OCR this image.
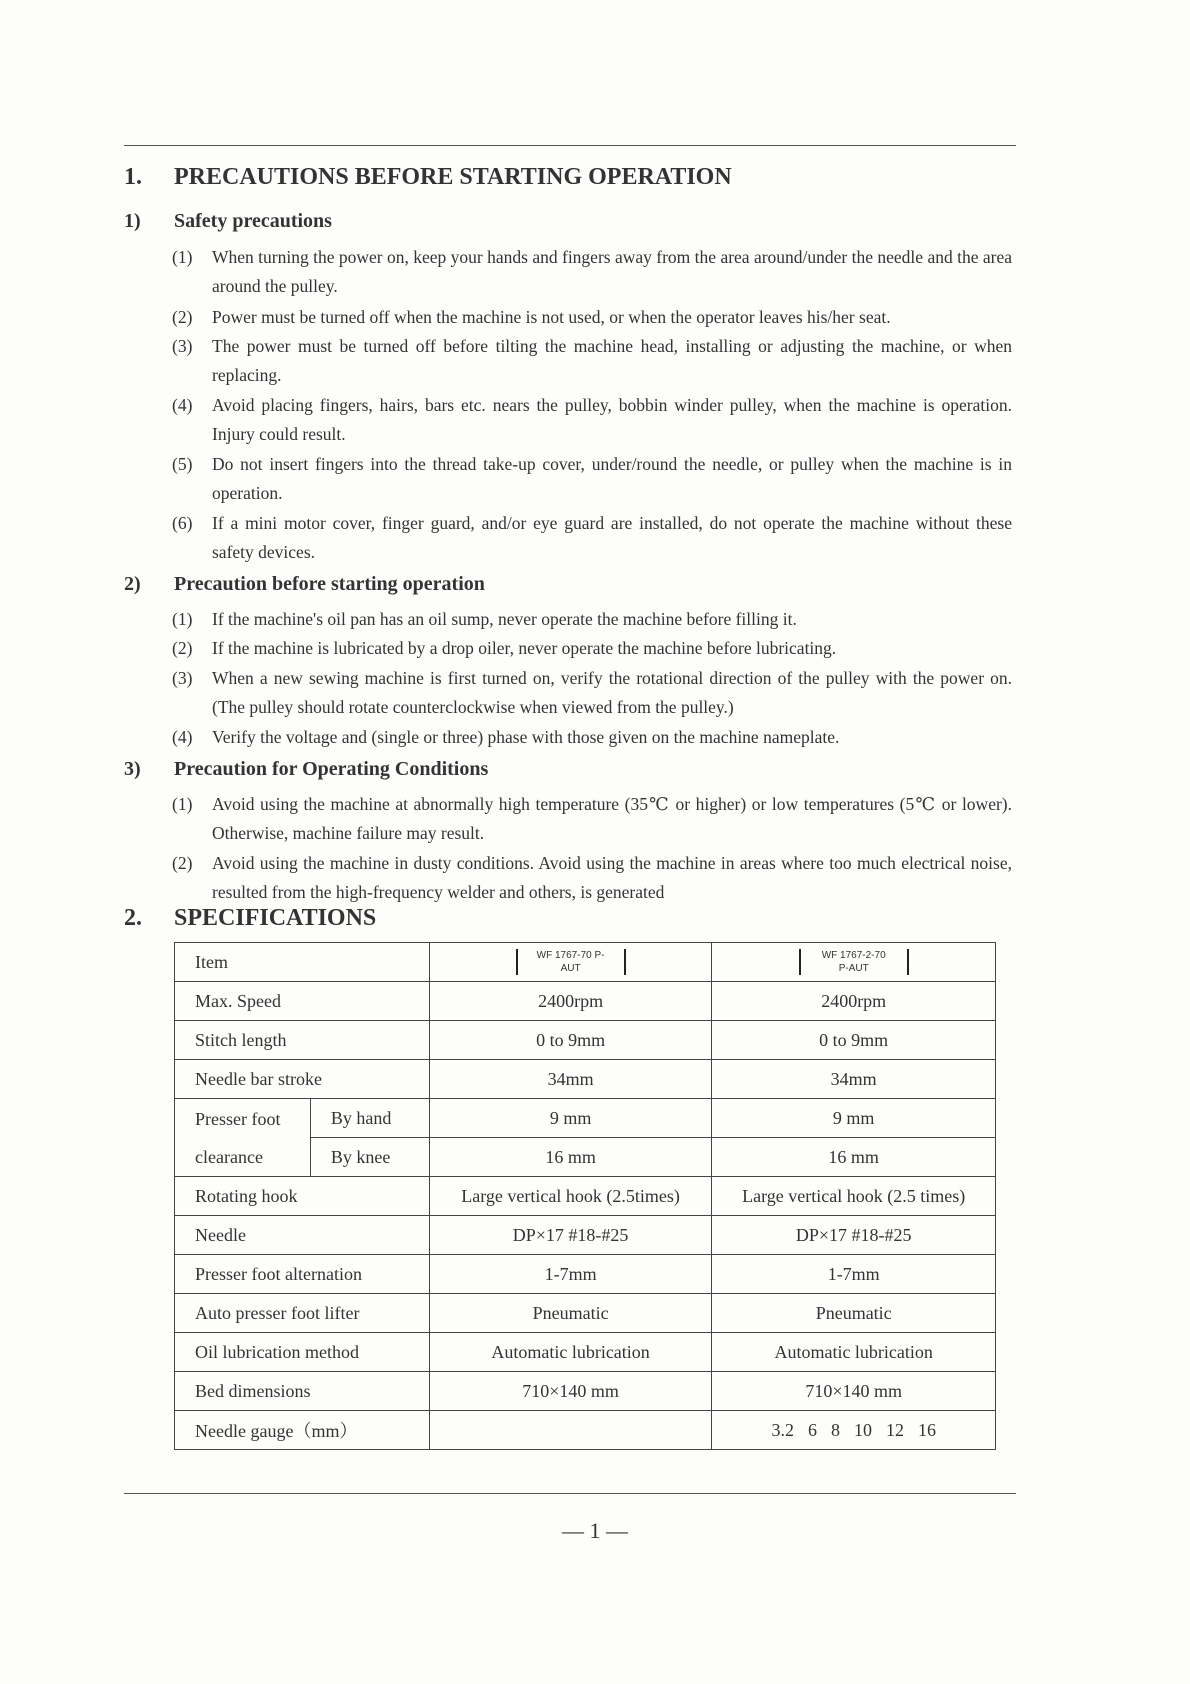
1. PRECAUTIONS BEFORE STARTING OPERATION
1) Safety precautions
(1) When turning the power on, keep your hands and fingers away from the area around/under the needle and the area around the pulley.
(2) Power must be turned off when the machine is not used, or when the operator leaves his/her seat.
(3) The power must be turned off before tilting the machine head, installing or adjusting the machine, or when replacing.
(4) Avoid placing fingers, hairs, bars etc. nears the pulley, bobbin winder pulley, when the machine is operation. Injury could result.
(5) Do not insert fingers into the thread take-up cover, under/round the needle, or pulley when the machine is in operation.
(6) If a mini motor cover, finger guard, and/or eye guard are installed, do not operate the machine without these safety devices.
2) Precaution before starting operation
(1) If the machine's oil pan has an oil sump, never operate the machine before filling it.
(2) If the machine is lubricated by a drop oiler, never operate the machine before lubricating.
(3) When a new sewing machine is first turned on, verify the rotational direction of the pulley with the power on. (The pulley should rotate counterclockwise when viewed from the pulley.)
(4) Verify the voltage and (single or three) phase with those given on the machine nameplate.
3) Precaution for Operating Conditions
(1) Avoid using the machine at abnormally high temperature (35℃ or higher) or low temperatures (5℃ or lower). Otherwise, machine failure may result.
(2) Avoid using the machine in dusty conditions. Avoid using the machine in areas where too much electrical noise, resulted from the high-frequency welder and others, is generated
2. SPECIFICATIONS
Item		WF 1767-70 P-AUT	WF 1767-2-70 P-AUT
Max. Speed		2400rpm	2400rpm
Stitch length		0 to 9mm	0 to 9mm
Needle bar stroke		34mm	34mm

Presser foot
clearance	By hand	9 mm	9 mm
	By knee	16 mm	16 mm
Rotating hook		Large vertical hook (2.5times)	Large vertical hook (2.5 times)
Needle		DP×17 #18-#25	DP×17 #18-#25
Presser foot alternation		1-7mm	1-7mm
Auto presser foot lifter		Pneumatic	Pneumatic
Oil lubrication method		Automatic lubrication	Automatic lubrication
Bed dimensions		710×140 mm	710×140 mm
Needle gauge（mm）			3.2 6 8 10 12 16
— 1 —
